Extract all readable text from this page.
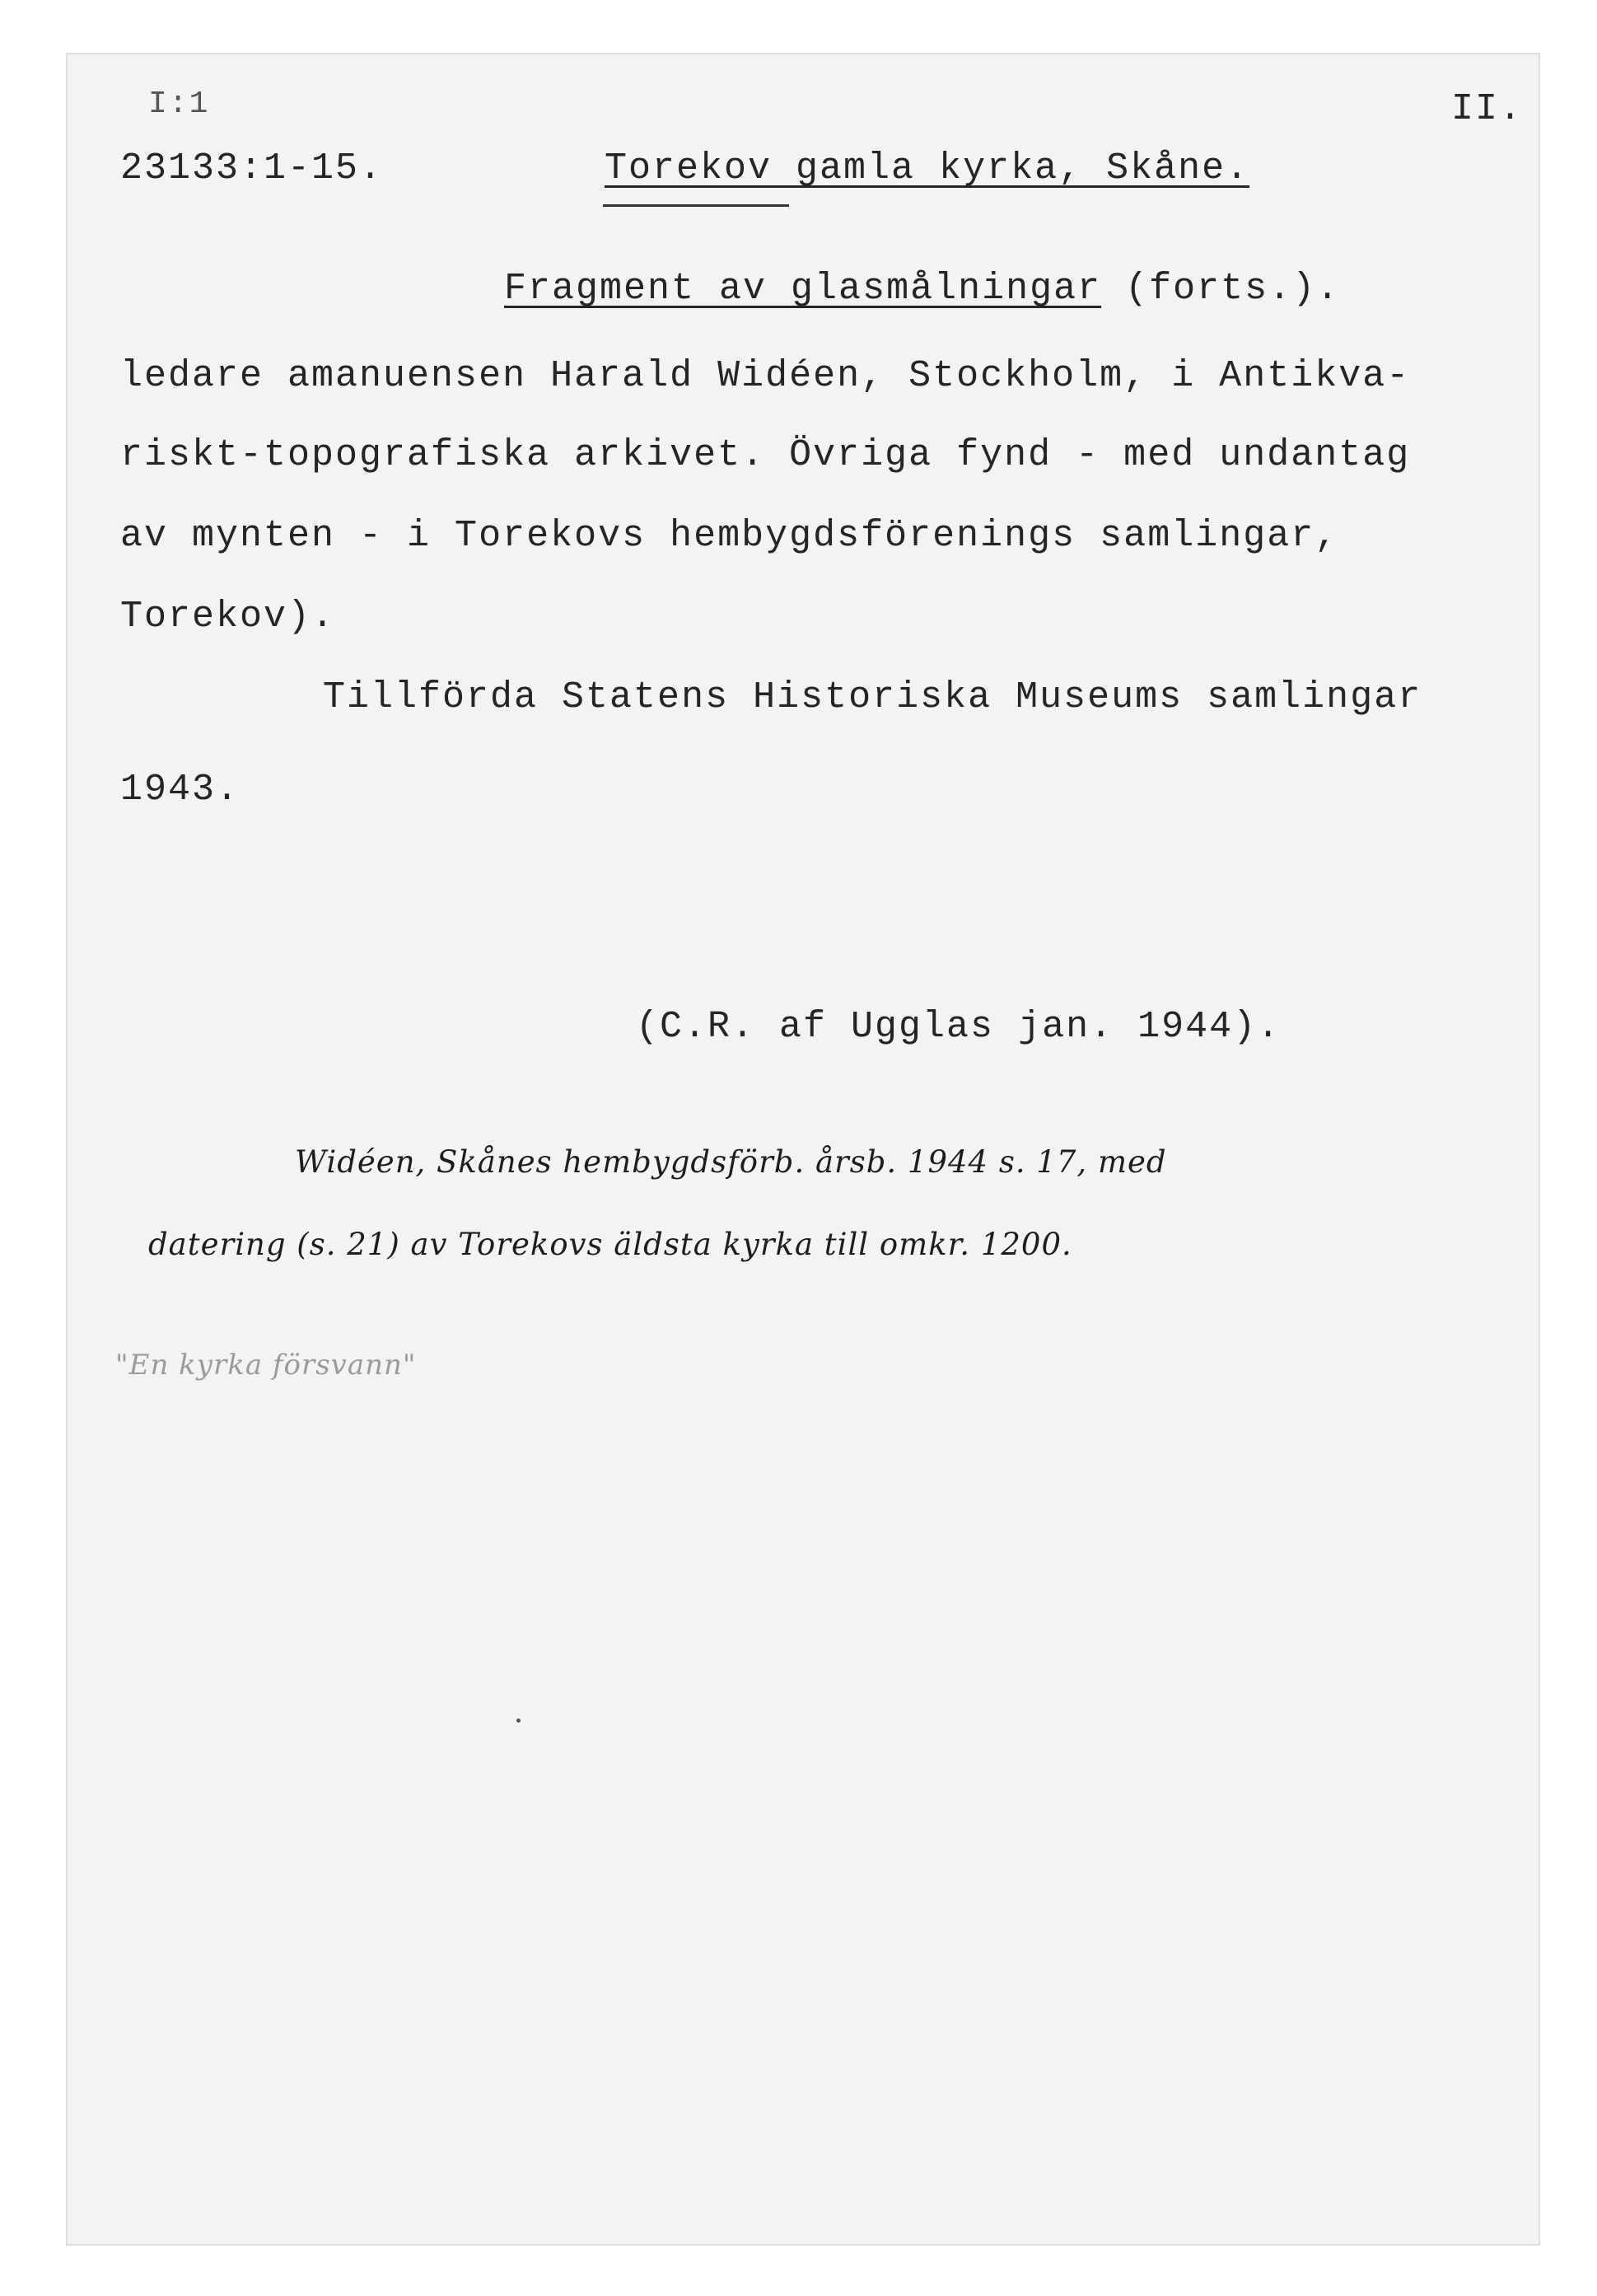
I:1	II.
23133:1-15.	Torekov gamla kyrka, Skåne.
Fragment av glasmålningar (forts.).
ledare amanuensen Harald Widéen, Stockholm, i Antikva-
riskt-topografiska arkivet. Övriga fynd - med undantag
av mynten - i Torekovs hembygdsförenings samlingar,
Torekov).
Tillförda Statens Historiska Museums samlingar
1943.
(C.R. af Ugglas jan. 1944).
Widéen, Skånes hembygdsförb. årsb. 1944 s. 17, med
datering (s. 21) av Torekovs äldsta kyrka till omkr. 1200.
"En kyrka försvann"
